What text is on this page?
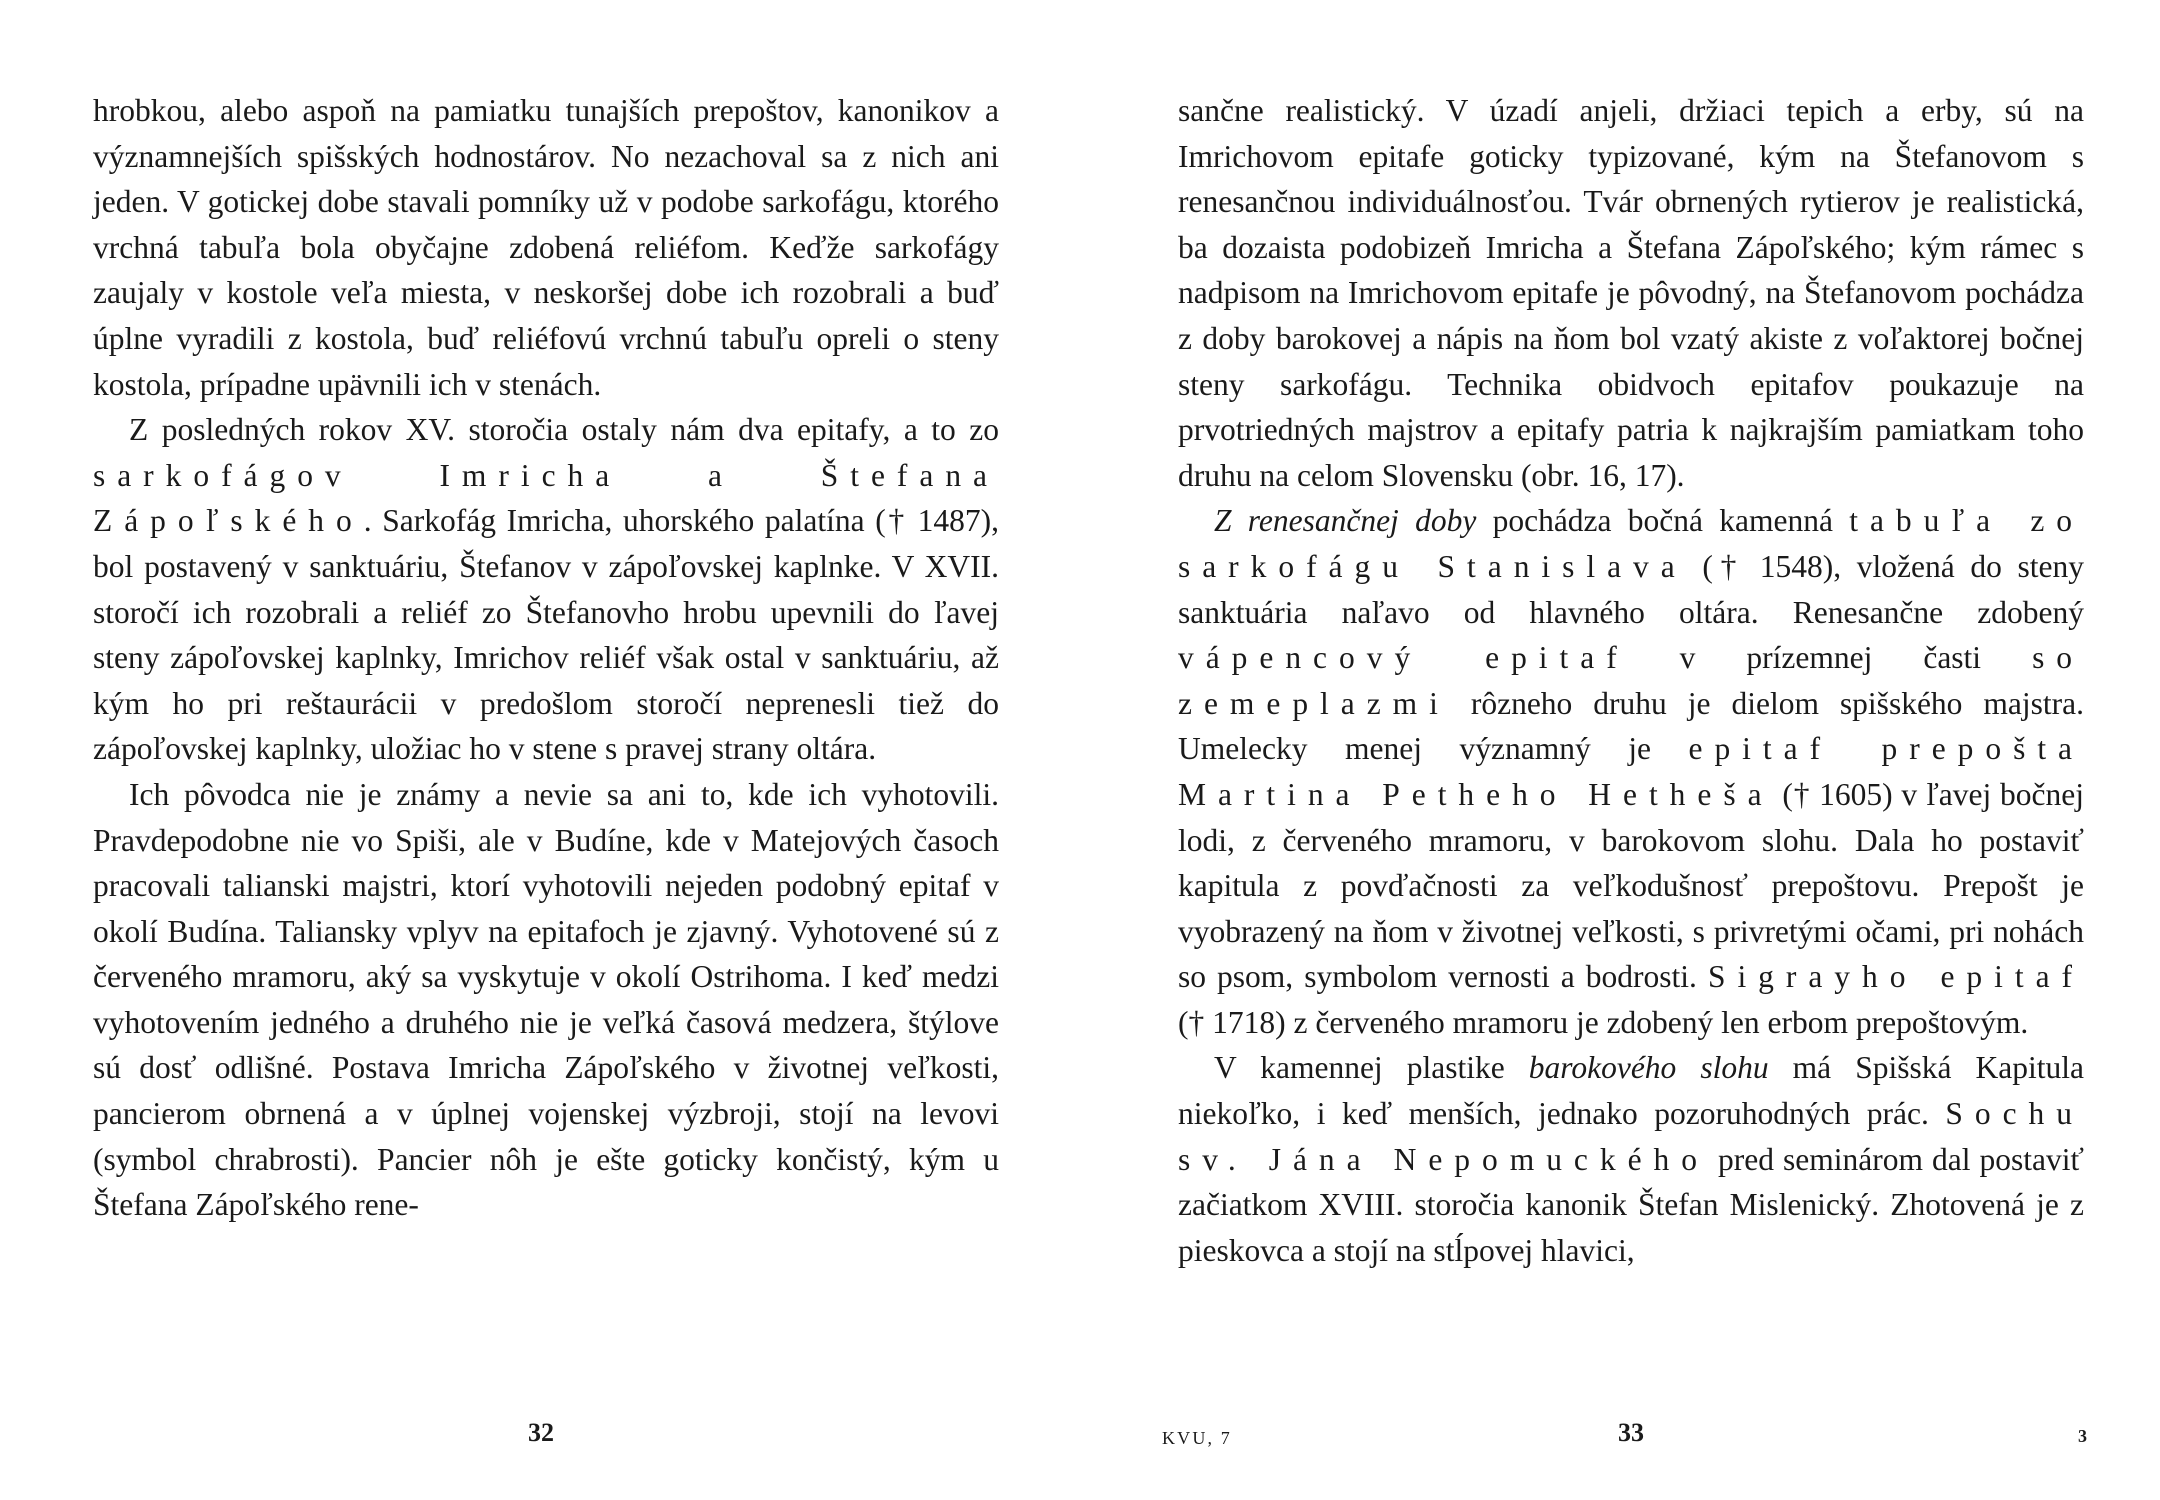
hrobkou, alebo aspoň na pamiatku tunajších prepoštov, kanonikov a významnejších spišských hodnostárov. No nezachoval sa z nich ani jeden. V gotickej dobe stavali pomníky už v podobe sarkofágu, ktorého vrchná tabuľa bola obyčajne zdobená reliéfom. Keďže sarkofágy zaujaly v kostole veľa miesta, v neskoršej dobe ich rozobrali a buď úplne vyradili z kostola, buď reliéfovú vrchnú tabuľu opreli o steny kostola, prípadne upävnili ich v stenách.

Z posledných rokov XV. storočia ostaly nám dva epitafy, a to zo sarkofágov Imricha a Štefana Zápoľského. Sarkofág Imricha, uhorského palatína († 1487), bol postavený v sanktuáriu, Štefanov v zápoľovskej kaplnke. V XVII. storočí ich rozobrali a reliéf zo Štefanovho hrobu upevnili do ľavej steny zápoľovskej kaplnky, Imrichov reliéf však ostal v sanktuáriu, až kým ho pri reštaurácii v predošlom storočí neprenesli tiež do zápoľovskej kaplnky, uložiac ho v stene s pravej strany oltára.

Ich pôvodca nie je známy a nevie sa ani to, kde ich vyhotovili. Pravdepodobne nie vo Spiši, ale v Budíne, kde v Matejových časoch pracovali talianski majstri, ktorí vyhotovili nejeden podobný epitaf v okolí Budína. Taliansky vplyv na epitafoch je zjavný. Vyhotovené sú z červeného mramoru, aký sa vyskytuje v okolí Ostrihoma. I keď medzi vyhotovením jedného a druhého nie je veľká časová medzera, štýlove sú dosť odlišné. Postava Imricha Zápoľského v životnej veľkosti, pancierom obrnená a v úplnej vojenskej výzbroji, stojí na levovi (symbol chrabrosti). Pancier nôh je ešte goticky končistý, kým u Štefana Zápoľského rene-

32

sančne realistický. V úzadí anjeli, držiaci tepich a erby, sú na Imrichovom epitafe goticky typizované, kým na Štefanovom s renesančnou individuálnosťou. Tvár obrnených rytierov je realistická, ba dozaista podobizeň Imricha a Štefana Zápoľského; kým rámec s nadpisom na Imrichovom epitafe je pôvodný, na Štefanovom pochádza z doby barokovej a nápis na ňom bol vzatý akiste z voľaktorej bočnej steny sarkofágu. Technika obidvoch epitafov poukazuje na prvotriedných majstrov a epitafy patria k najkrajším pamiatkam toho druhu na celom Slovensku (obr. 16, 17).

Z renesančnej doby pochádza bočná kamenná tabuľa zo sarkofágu Stanislava († 1548), vložená do steny sanktuária naľavo od hlavného oltára. Renesančne zdobený vápencový epitaf v prízemnej časti so zemeplazmi rôzneho druhu je dielom spišského majstra. Umelecky menej významný je epitaf prepošta Martina Petheho Hetheša († 1605) v ľavej bočnej lodi, z červeného mramoru, v barokovom slohu. Dala ho postaviť kapitula z povďačnosti za veľkodušnosť prepoštovu. Prepošt je vyobrazený na ňom v životnej veľkosti, s privretými očami, pri nohách so psom, symbolom vernosti a bodrosti. Sigrayho epitaf († 1718) z červeného mramoru je zdobený len erbom prepoštovým.

V kamennej plastike barokového slohu má Spišská Kapitula niekoľko, i keď menších, jednako pozoruhodných prác. Sochu sv. Jána Nepomuckého pred seminárom dal postaviť začiatkom XVIII. storočia kanonik Štefan Mislenický. Zhotovená je z pieskovca a stojí na stĺpovej hlavici,

KVU, 7	33	3
